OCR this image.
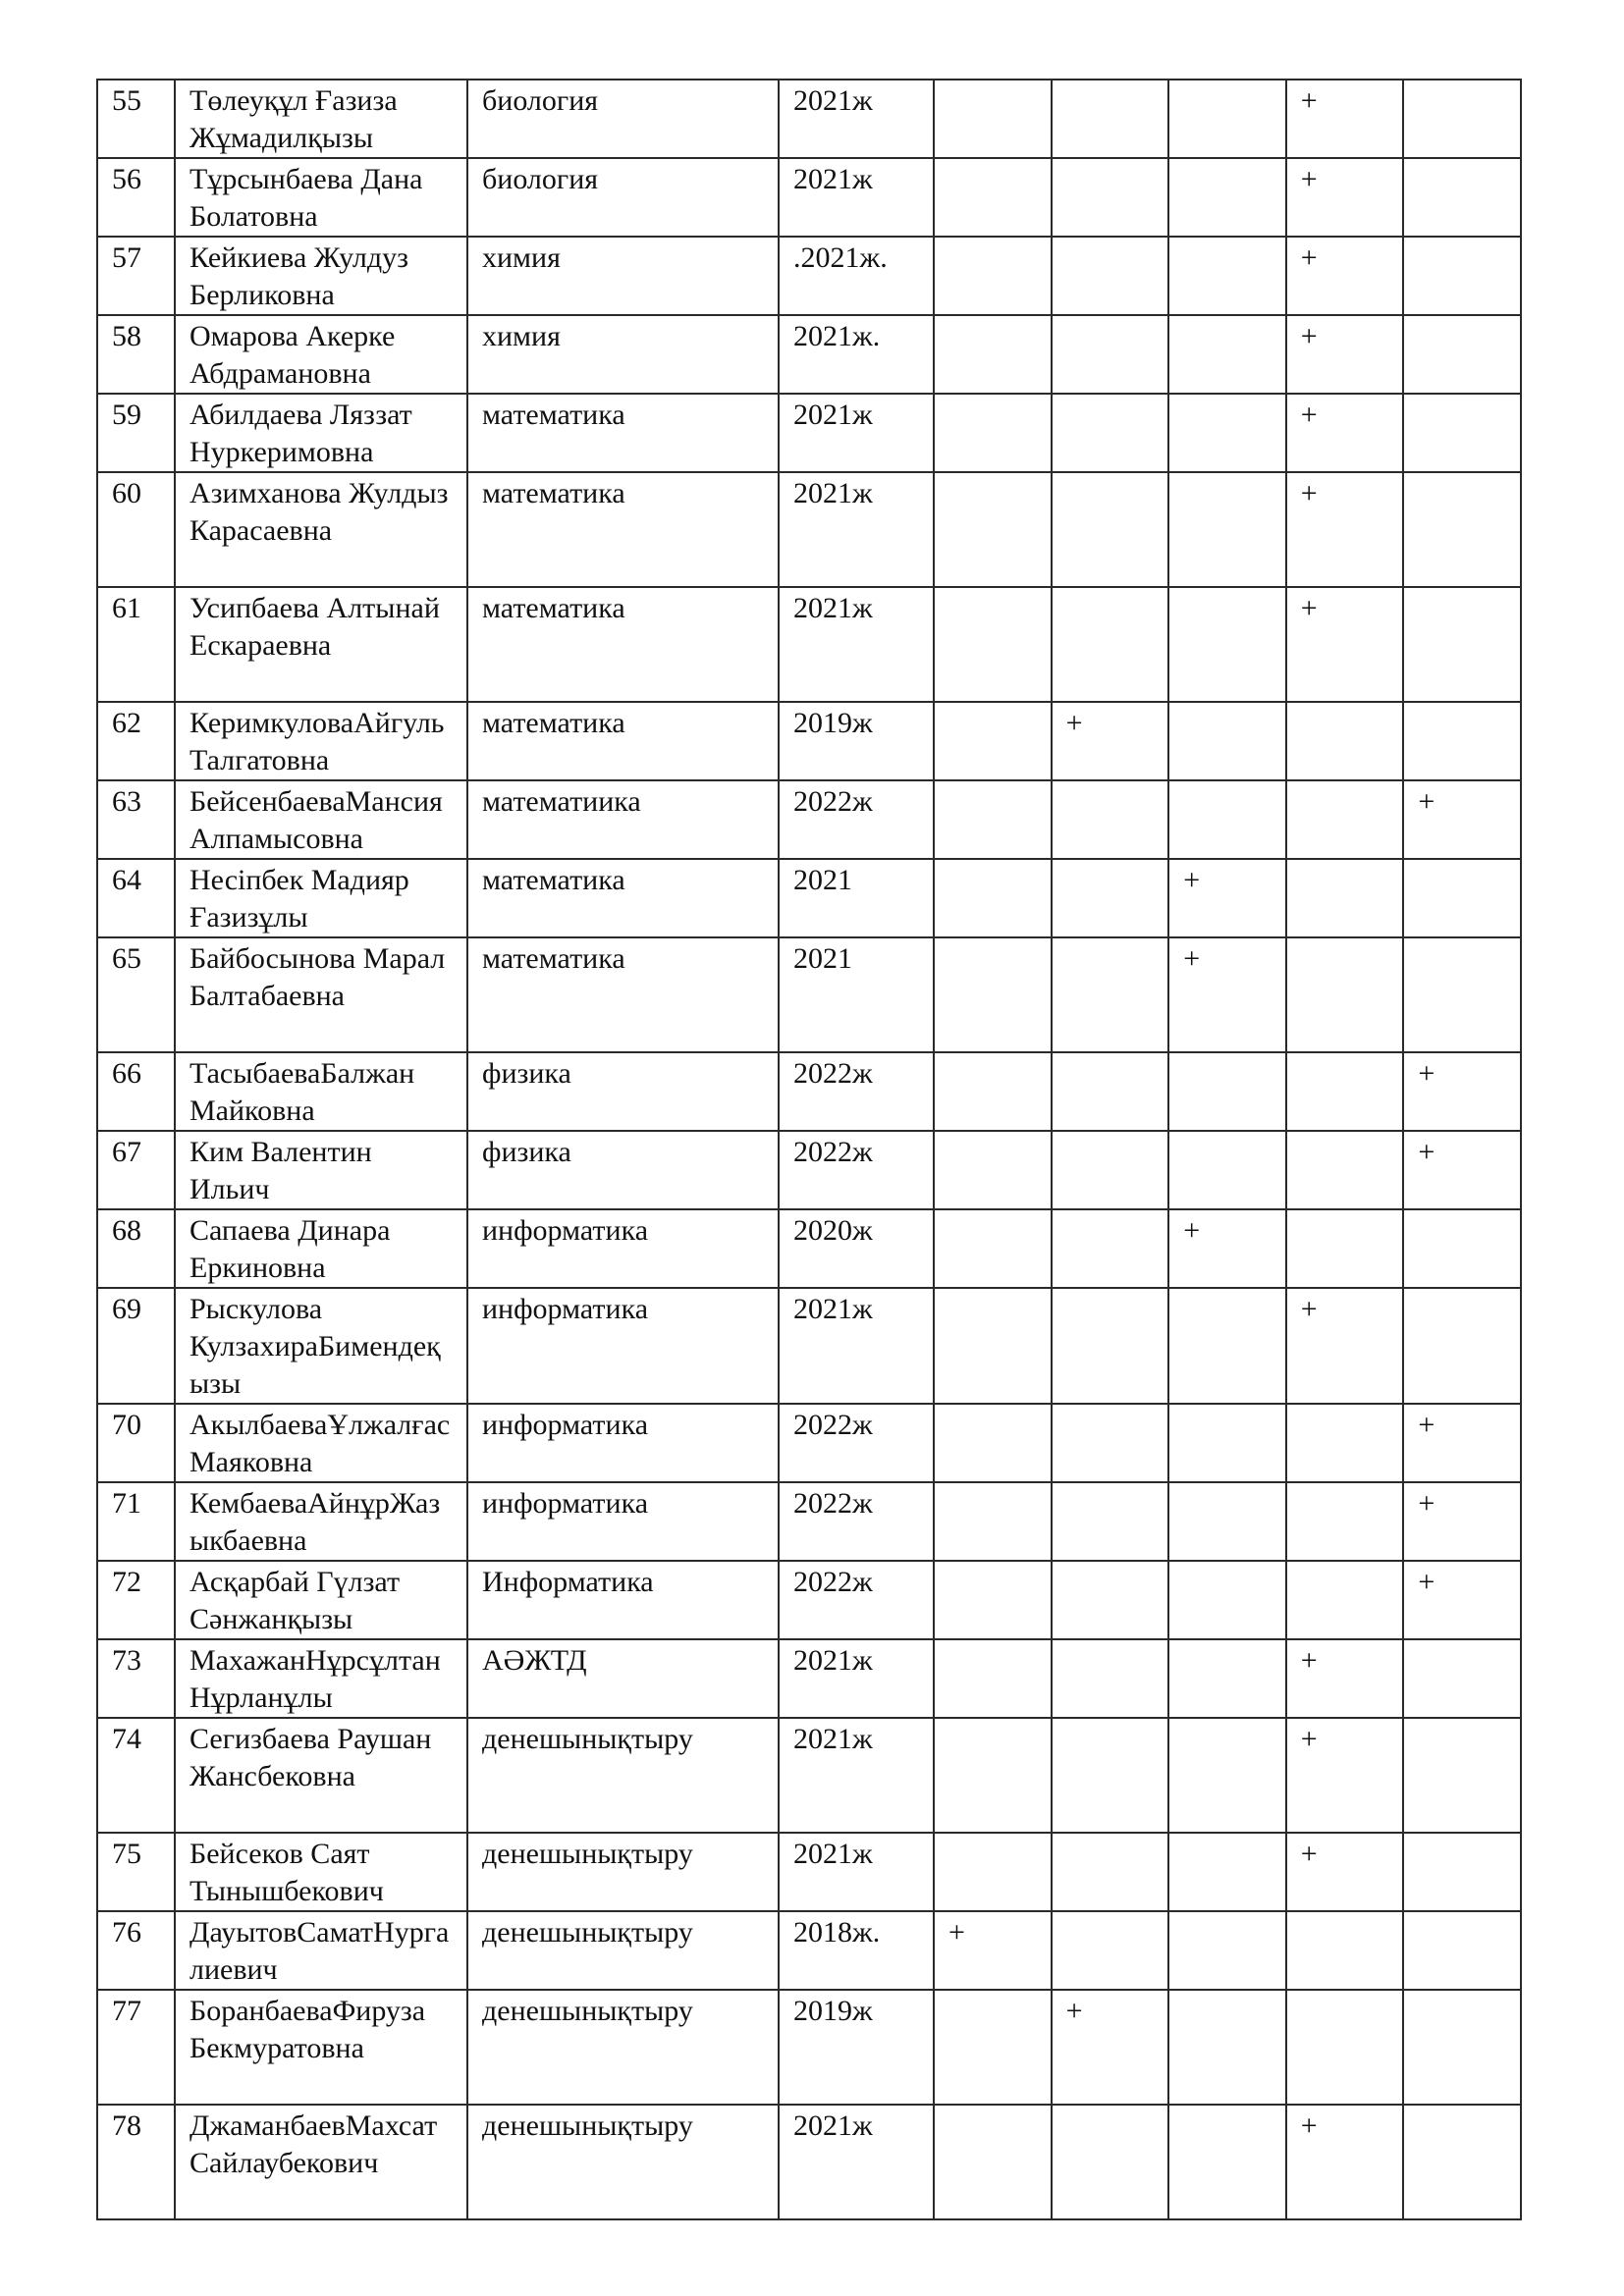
55	Төлеуқұл Ғазиза Жұмадилқызы	биология	2021ж				+	
56	Тұрсынбаева Дана Болатовна	биология	2021ж				+	
57	Кейкиева Жулдуз Берликовна	химия	.2021ж.				+	
58	Омарова Акерке Абдрамановна	химия	2021ж.				+	
59	Абилдаева Ляззат Нуркеримовна	математика	2021ж				+	
60	Азимханова Жулдыз Карасаевна	математика	2021ж				+	
61	Усипбаева Алтынай Ескараевна	математика	2021ж				+	
62	КеримкуловаАйгульТалгатовна	математика	2019ж		+			
63	БейсенбаеваМансияАлпамысовна	математиика	2022ж					+
64	Несіпбек Мадияр Ғазизұлы	математика	2021			+		
65	Байбосынова Марал Балтабаевна	математика	2021			+		
66	ТасыбаеваБалжан Майковна	физика	2022ж					+
67	Ким Валентин Ильич	физика	2022ж					+
68	Сапаева Динара Еркиновна	информатика	2020ж			+		
69	Рыскулова КулзахираБимендеқызы	информатика	2021ж				+	
70	АкылбаеваҰлжалғасМаяковна	информатика	2022ж					+
71	КембаеваАйнұрЖазыкбаевна	информатика	2022ж					+
72	Асқарбай Гүлзат Сәнжанқызы	Информатика	2022ж					+
73	МахажанНұрсұлтанНұрланұлы	АӘЖТД	2021ж				+	
74	Сегизбаева Раушан Жансбековна	денешынықтыру	2021ж				+	
75	Бейсеков Саят Тынышбекович	денешынықтыру	2021ж				+	
76	ДауытовСаматНургалиевич	денешынықтыру	2018ж.	+				
77	БоранбаеваФируза Бекмуратовна	денешынықтыру	2019ж		+			
78	ДжаманбаевМахсат Сайлаубекович	денешынықтыру	2021ж				+	
